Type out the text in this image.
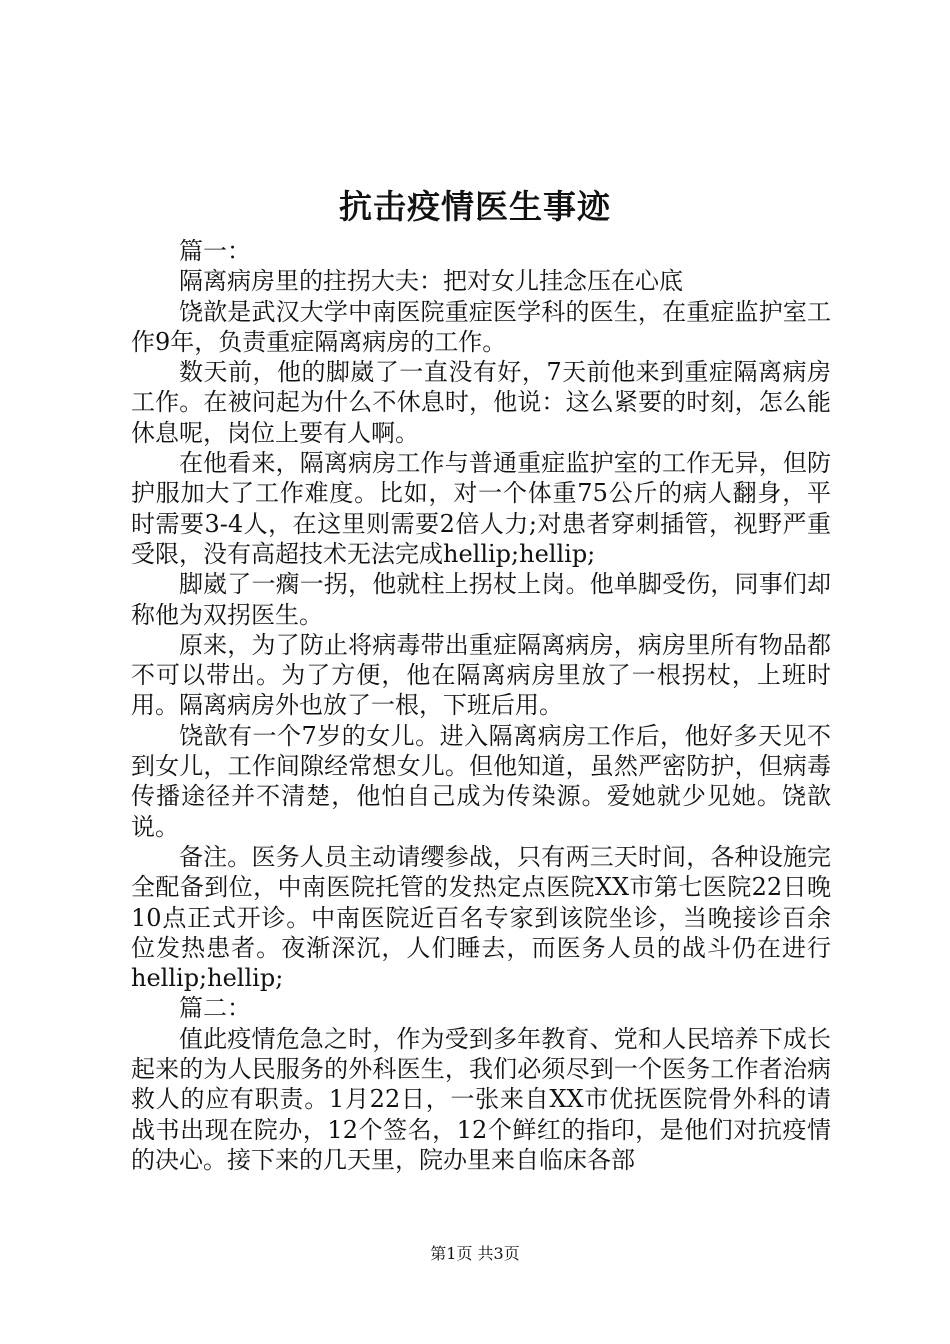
抗击疫情医生事迹

篇一：

隔离病房里的拄拐大夫：把对女儿挂念压在心底

饶歆是武汉大学中南医院重症医学科的医生，在重症监护室工作9年，负责重症隔离病房的工作。

数天前，他的脚崴了一直没有好，7天前他来到重症隔离病房工作。在被问起为什么不休息时，他说：这么紧要的时刻，怎么能休息呢，岗位上要有人啊。

在他看来，隔离病房工作与普通重症监护室的工作无异，但防护服加大了工作难度。比如，对一个体重75公斤的病人翻身，平时需要3-4人，在这里则需要2倍人力;对患者穿刺插管，视野严重受限，没有高超技术无法完成hellip;hellip;

脚崴了一瘸一拐，他就柱上拐杖上岗。他单脚受伤，同事们却称他为双拐医生。

原来，为了防止将病毒带出重症隔离病房，病房里所有物品都不可以带出。为了方便，他在隔离病房里放了一根拐杖，上班时用。隔离病房外也放了一根，下班后用。

饶歆有一个7岁的女儿。进入隔离病房工作后，他好多天见不到女儿，工作间隙经常想女儿。但他知道，虽然严密防护，但病毒传播途径并不清楚，他怕自己成为传染源。爱她就少见她。饶歆说。

备注。医务人员主动请缨参战，只有两三天时间，各种设施完全配备到位，中南医院托管的发热定点医院XX市第七医院22日晚10点正式开诊。中南医院近百名专家到该院坐诊，当晚接诊百余位发热患者。夜渐深沉，人们睡去，而医务人员的战斗仍在进行hellip;hellip;

篇二：

值此疫情危急之时，作为受到多年教育、党和人民培养下成长起来的为人民服务的外科医生，我们必须尽到一个医务工作者治病救人的应有职责。1月22日，一张来自XX市优抚医院骨外科的请战书出现在院办，12个签名，12个鲜红的指印，是他们对抗疫情的决心。接下来的几天里，院办里来自临床各部

第1页 共3页
